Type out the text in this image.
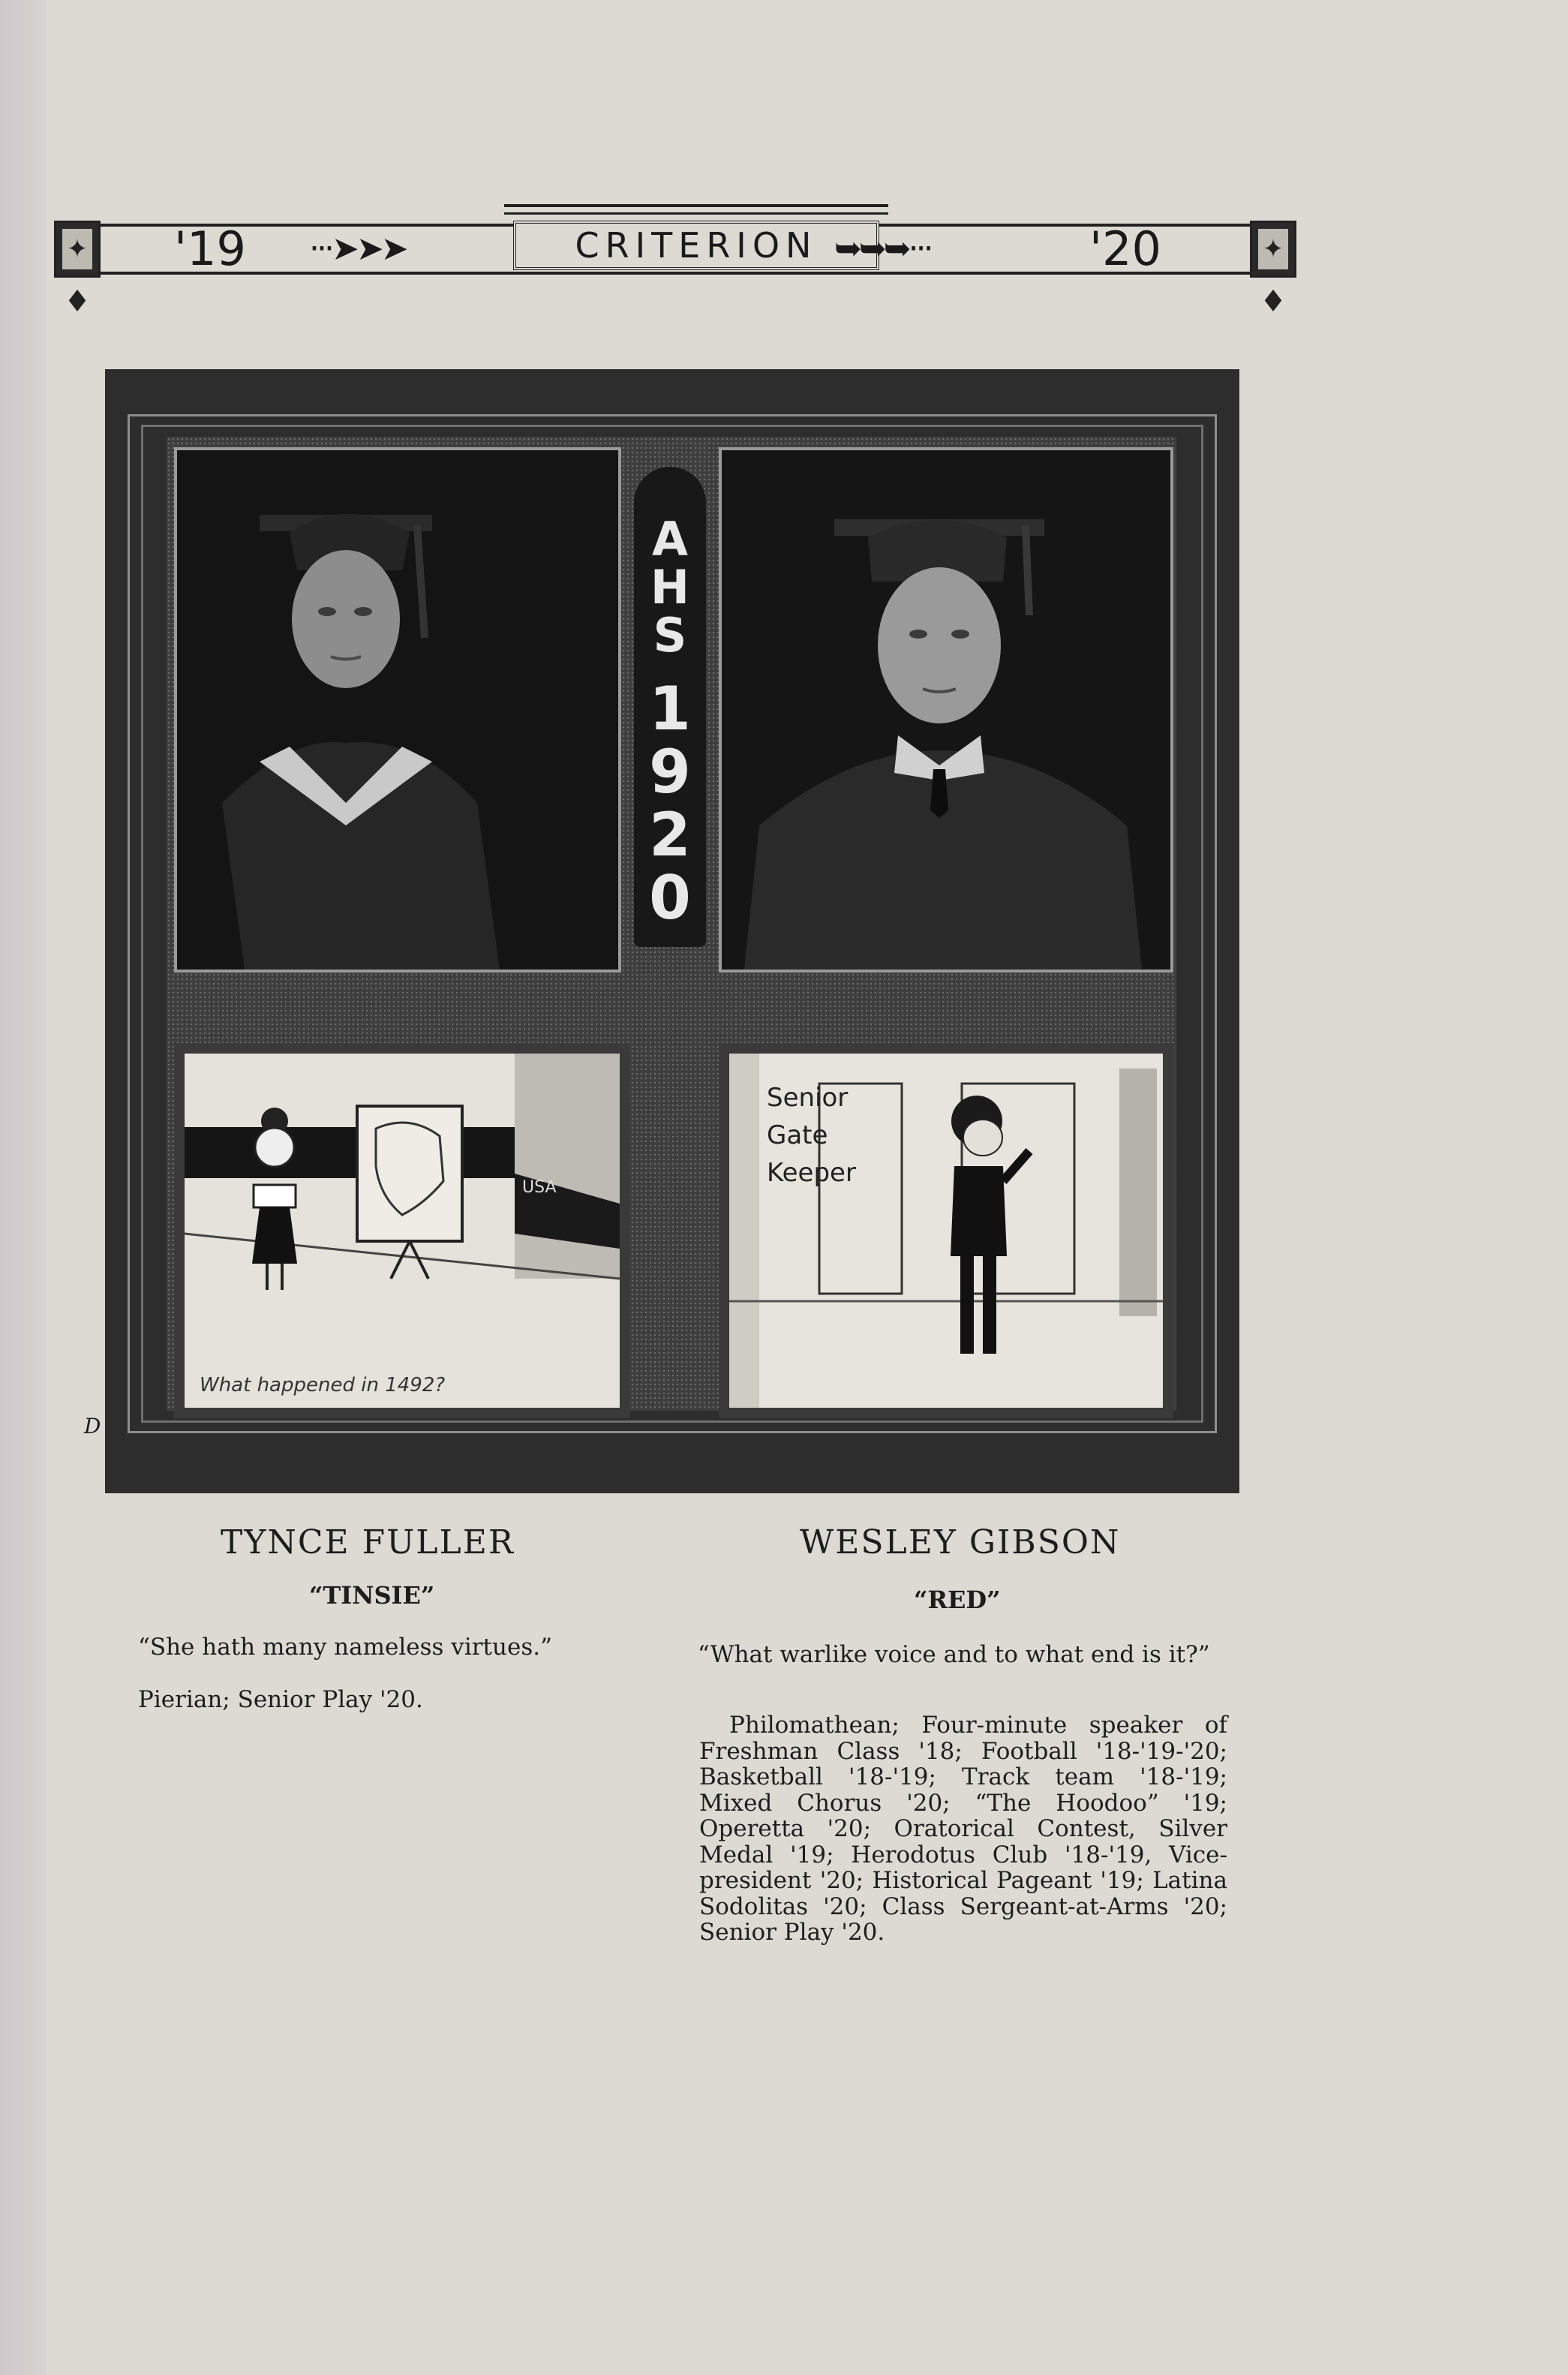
✦	✦
♦	♦
'19 ···➤➤➤	CRITERION ➥➥➥···	'20
A
H
S
1
9
2
0
What happened in 1492?
USA
Senior
Gate
Keeper
D
TYNCE FULLER
“TINSIE”
“She hath many nameless virtues.”
Pierian; Senior Play '20.
WESLEY GIBSON
“RED”
“What warlike voice and to what end is it?”
Philomathean; Four-minute speaker of Freshman Class '18; Football '18-'19-'20; Basketball '18-'19; Track team '18-'19; Mixed Chorus '20; “The Hoodoo” '19; Operetta '20; Oratorical Contest, Silver Medal '19; Herodotus Club '18-'19, Vice-president '20; Historical Pageant '19; Latina Sodolitas '20; Class Sergeant-at-Arms '20; Senior Play '20.
